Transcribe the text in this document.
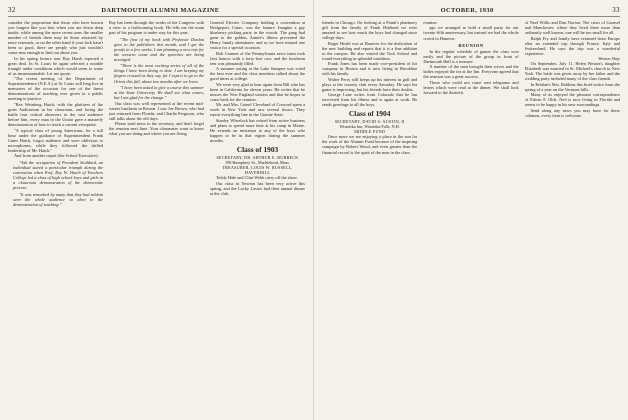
32	DARTMOUTH ALUMNI MAGAZINE

consider the proposition that those who have known you longest like you best when you are down deep inside, while among the more recent ones the smaller number of friends there may be those attracted by mere externals, or on the other hand if your luck hasn't been so good, there are people who just wouldn't come near enough to find out about you.

In his spring lecture tour Ray Harsh reported a great deal. In St. Louis he again selected a notable triangle under conditions which would seem to some of us insurmountable. Let me quote:

"The recent meeting of the Department of Superintendence (N.E.A.) at St. Louis will long live in memories of the occasion for one of the finest demonstrations of teaching ever given in a public meeting to practice.

"Rex Weinberg Hatch, with the platform of the great Auditorium in his classroom, and facing the battle four critical observers in the vast audience before him, every man in the Union gave a masterly demonstration of how to teach a current viewpoint.

"A typical class of young Americans, for a full hour under the guidance of Superintendent Frank Gates Hatch, forgot audience and were oblivious to microphones, while they followed the skilled leadership of Mr. Hatch."

And from another report (the School Executive):

"Ask the occupation of President Stoddard, an individual stared a particular triumph during the convention when Prof. Roy W. Hatch of Teachers College led a class of high school boys and girls in a classroom demonstration of the democratic process.

"It was remarked by many that they had seldom seen the whole audience so alive to the demonstration of teaching."

Ray has been through the works of the Congress with a view to a forthcoming book. He tells me the main part of his program is under way for this year.

"The first of my book with Professor Donlan goes to the publishers this month, and I get the proofs in a few weeks. I am planning a new trip for the western coast and the speeches are being arranged.

"There is the most exciting series of all of the things I have been doing to date. I am keeping my fingers crossed as they say, for I expect to go to the Orient this fall, about two months after we leave.

"I have been asked to give a course this summer at the State University. We shall see what comes, but I am glad for the change."

Our class was well represented at the recent mid-winter luncheon in Boston. I saw Joe Brown, who had just returned from Florida, and Charlie Ferguson, who still talks about the old days.

Please send news to the secretary, and don't forget the reunion next June. Your classmates want to know what you are doing and where you are living.

General Electric Company holding a convention at Bridgeport, Conn., was the feature. Imagine a gay blueberry picking party in the woods. The gang had gone to the golden, Auntie's illness prevented the Henry family attendance, and so we have missed one visitor for a special occasion.

Bob Carmen of the Pennsylvania news team took first honors with a forty-foot cast, and the luncheon tent was pleasantly filled.

A summer outing at the Lake Sunapee was voted the best ever and the class members talked about the good times at college.

We were very glad to hear again from Bill who has been in California for eleven years. He writes that he misses the New England winters and that he hopes to come back for the reunion.

Mr. and Mrs. Lionel Cleveland of Concord spent a week in New York and saw several shows. They report everything fine in the Granite State.

Stanley Wheelock has retired from active business and plans to spend more time at his camp in Maine. He extends an invitation to any of the boys who happen to be in that region during the summer months.

Class of 1903
SECRETARY, DR. ARTHUR E. BURBECK
198 Humphrey St., Marblehead, Mass.
TREASURER, LOUIS W. RUSSELL, HAVERHILL

Teddy Hale and Clint Webb carry off the show.

Our class in Newton has been very active this spring, and the Lucky Lasses had their annual dinner at the club.

OCTOBER, 1930	33

friends in Chicago. On looking at a Frank's pharmacy gift from the family of Frank Hubbard we were amazed to see how much the boys had changed since college days.

Roger Heald was at Hanover for the dedication of the new building and reports that it is a fine addition to the campus. He also visited the Tuck School and found everything in splendid condition.

Frank Jones has been made vice-president of his company in Boston and is now living in Brookline with his family.

Walter Perry still keeps up his interest in golf and plays at the country club every Saturday. He says his game is improving, but his friends have their doubts.

George Lane writes from Colorado that he has recovered from his illness and is again at work. He sends greetings to all the boys.

Class of 1904
SECRETARY, DAVID S. AUSTIN, II
Winnetka Inn, Winnetka Falls, N.H.
MIDDLE FUND

Once more we are enjoying a place in the sun for the work of the Alumni Fund because of the inspiring campaign by Robert Wood, and even greater than the financial record is the spirit of the men in the class.

reunion

ago we arranged to hold a small party for our twenty-fifth anniversary, but instead we had the whole crowd in Hanover.

REUNION

In the regular schedule of games the class won easily and the picture of the group in front of Dartmouth Hall is a treasure.

A number of the men brought their wives and the ladies enjoyed the tea at the Inn. Everyone agreed that the reunion was a great success.

Those who could not come sent telegrams and letters which were read at the dinner. We shall look forward to the thirtieth.

of Noel Willis and Dan Norton. The crisis of Garnsel and Manchester, where they lived there more than ordinarily well known, one will be too small for all.

Ralph Fry and family have returned from Europe after an extended trip through France, Italy and Switzerland. He says the trip was a wonderful experience.

Weston Shay

On September, July 11, Helen Weston's daughter Elizabeth was married in St. Michael's church in New York. The bride was given away by her father and the wedding party included many of the class friends.

In Robbin's Mrs. Robbins this brief notice from the spring of a year on the Vermont hills.

Many of us enjoyed the pleasant correspondence of Edwin F. Olds. Ned is now living in Florida and seems to be happy in his new surroundings.

Send along any news you may have for these columns, every item is welcome.
